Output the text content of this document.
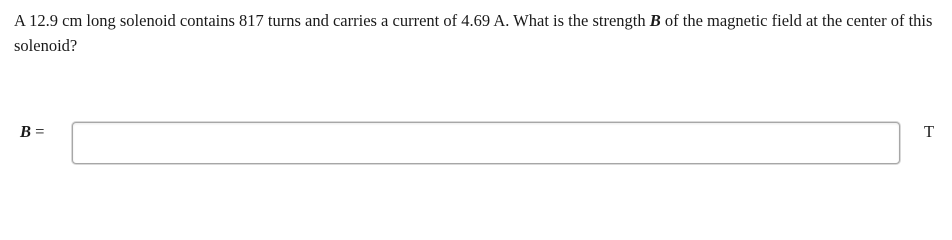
A 12.9 cm long solenoid contains 817 turns and carries a current of 4.69 A. What is the strength B of the magnetic field at the center of this solenoid?
B =	T
